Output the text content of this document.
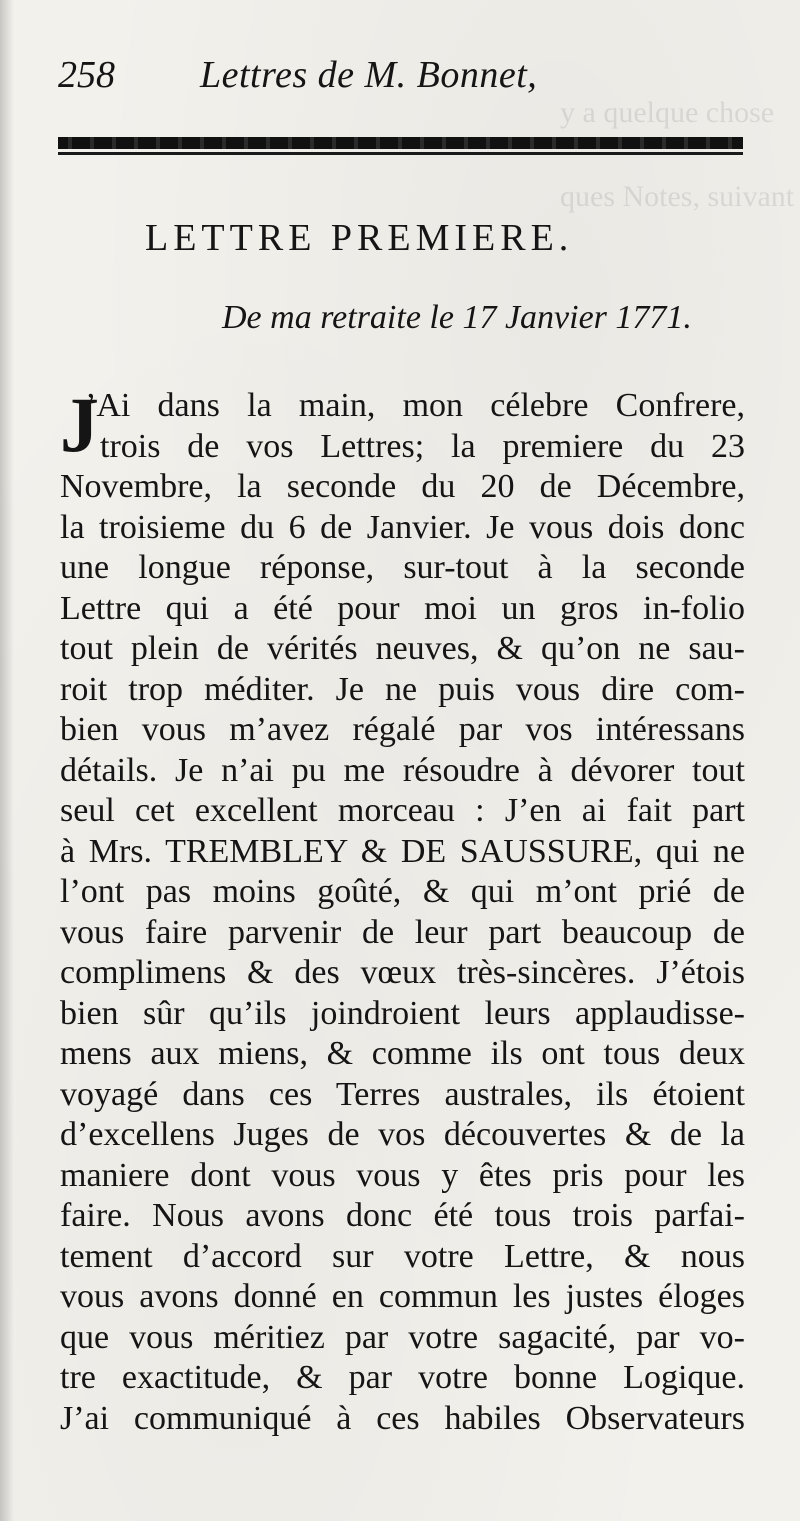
y a quelque chose
ques Notes, suivant
258 Lettres de M. Bonnet,
LETTRE PREMIERE.
De ma retraite le 17 Janvier 1771.
J
’Ai dans la main, mon célebre Confrere,
trois de vos Lettres; la premiere du 23
Novembre, la seconde du 20 de Décembre,
la troisieme du 6 de Janvier. Je vous dois donc
une longue réponse, sur-tout à la seconde
Lettre qui a été pour moi un gros in-folio
tout plein de vérités neuves, & qu’on ne sau-
roit trop méditer. Je ne puis vous dire com-
bien vous m’avez régalé par vos intéressans
détails. Je n’ai pu me résoudre à dévorer tout
seul cet excellent morceau : J’en ai fait part
à Mrs. TREMBLEY & DE SAUSSURE, qui ne
l’ont pas moins goûté, & qui m’ont prié de
vous faire parvenir de leur part beaucoup de
complimens & des vœux très-sincères. J’étois
bien sûr qu’ils joindroient leurs applaudisse-
mens aux miens, & comme ils ont tous deux
voyagé dans ces Terres australes, ils étoient
d’excellens Juges de vos découvertes & de la
maniere dont vous vous y êtes pris pour les
faire. Nous avons donc été tous trois parfai-
tement d’accord sur votre Lettre, & nous
vous avons donné en commun les justes éloges
que vous méritiez par votre sagacité, par vo-
tre exactitude, & par votre bonne Logique.
J’ai communiqué à ces habiles Observateurs
